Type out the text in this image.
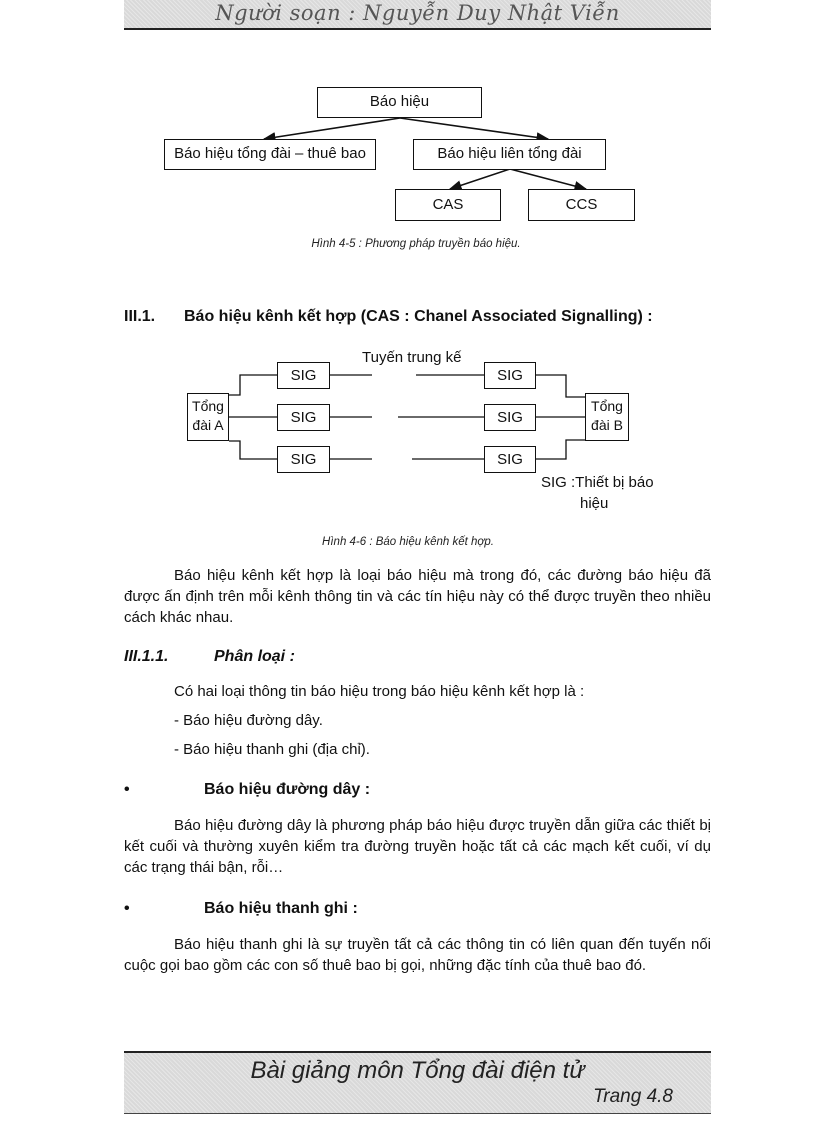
Người soạn : Nguyễn Duy Nhật Viễn
Báo hiệu
Báo hiệu tổng đài – thuê bao	Báo hiệu liên tổng đài
CAS	CCS
Hình 4-5 : Phương pháp truyền báo hiệu.
III.1. Báo hiệu kênh kết hợp (CAS : Chanel Associated Signalling) :
Tuyến trung kế
Tổng
đài A
Tổng
đài B
SIG
SIG
SIG
SIG
SIG
SIG
SIG :Thiết bị báo
hiệu
Hình 4-6 : Báo hiệu kênh kết hợp.
Báo hiệu kênh kết hợp là loại báo hiệu mà trong đó, các đường báo hiệu đã được ấn định trên mỗi kênh thông tin và các tín hiệu này có thể được truyền theo nhiều cách khác nhau.
III.1.1.	Phân loại :
Có hai loại thông tin báo hiệu trong báo hiệu kênh kết hợp là :
- Báo hiệu đường dây.
- Báo hiệu thanh ghi (địa chỉ).
•	Báo hiệu đường dây :
Báo hiệu đường dây là phương pháp báo hiệu được truyền dẫn giữa các thiết bị kết cuối và thường xuyên kiểm tra đường truyền hoặc tất cả các mạch kết cuối, ví dụ các trạng thái bận, rỗi…
•	Báo hiệu thanh ghi :
Báo hiệu thanh ghi là sự truyền tất cả các thông tin có liên quan đến tuyến nối cuộc gọi bao gồm các con số thuê bao bị gọi, những đặc tính của thuê bao đó.
Bài giảng môn Tổng đài điện tử
Trang 4.8
